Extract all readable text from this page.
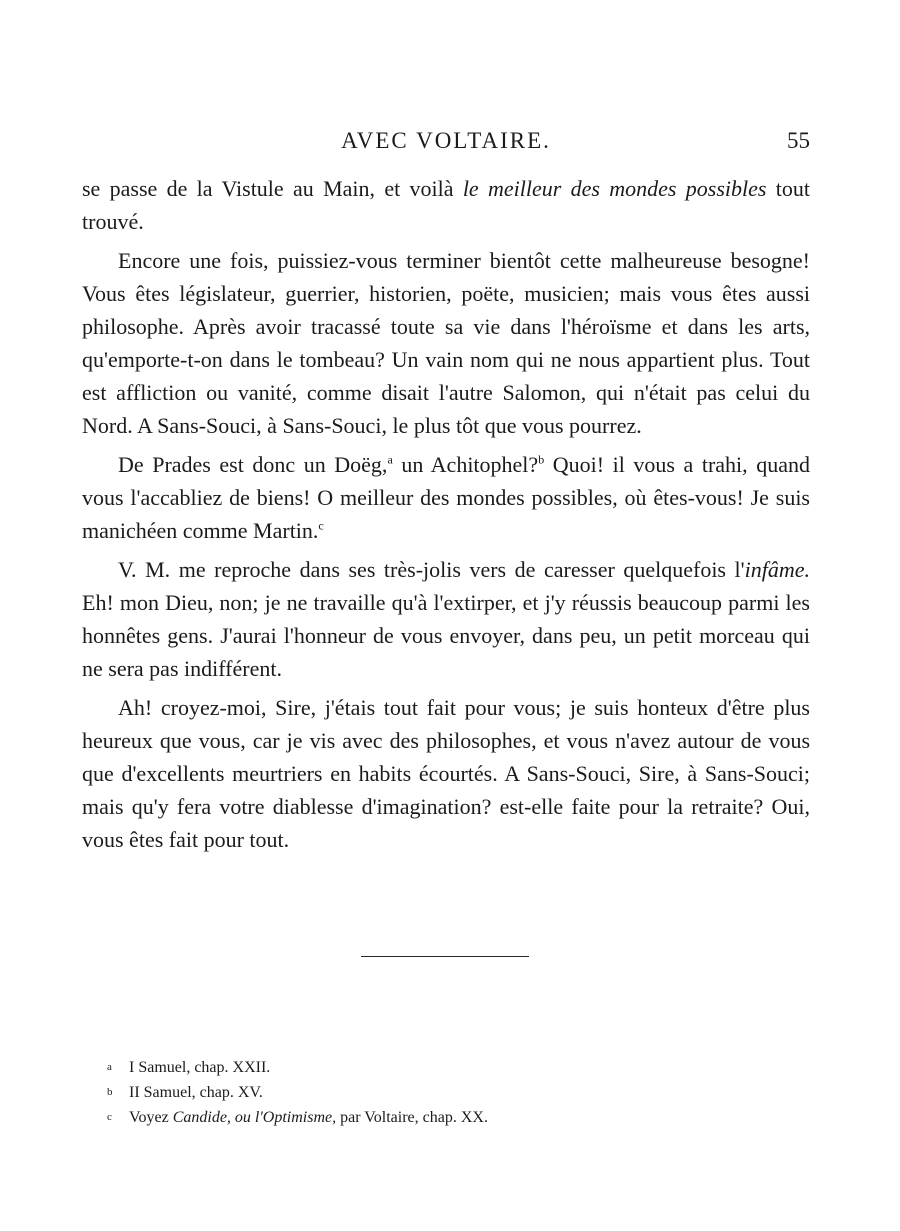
AVEC VOLTAIRE.	55

se passe de la Vistule au Main, et voilà le meilleur des mondes possibles tout trouvé.

Encore une fois, puissiez-vous terminer bientôt cette malheureuse besogne! Vous êtes législateur, guerrier, historien, poëte, musicien; mais vous êtes aussi philosophe. Après avoir tracassé toute sa vie dans l'héroïsme et dans les arts, qu'emporte-t-on dans le tombeau? Un vain nom qui ne nous appartient plus. Tout est affliction ou vanité, comme disait l'autre Salomon, qui n'était pas celui du Nord. A Sans-Souci, à Sans-Souci, le plus tôt que vous pourrez.

De Prades est donc un Doëg,$^a$ un Achitophel?$^b$ Quoi! il vous a trahi, quand vous l'accabliez de biens! O meilleur des mondes possibles, où êtes-vous! Je suis manichéen comme Martin.$^c$

V. M. me reproche dans ses très-jolis vers de caresser quelquefois l'infâme. Eh! mon Dieu, non; je ne travaille qu'à l'extirper, et j'y réussis beaucoup parmi les honnêtes gens. J'aurai l'honneur de vous envoyer, dans peu, un petit morceau qui ne sera pas indifférent.

Ah! croyez-moi, Sire, j'étais tout fait pour vous; je suis honteux d'être plus heureux que vous, car je vis avec des philosophes, et vous n'avez autour de vous que d'excellents meurtriers en habits écourtés. A Sans-Souci, Sire, à Sans-Souci; mais qu'y fera votre diablesse d'imagination? est-elle faite pour la retraite? Oui, vous êtes fait pour tout.

a I Samuel, chap. XXII.
b II Samuel, chap. XV.
c Voyez Candide, ou l'Optimisme, par Voltaire, chap. XX.
